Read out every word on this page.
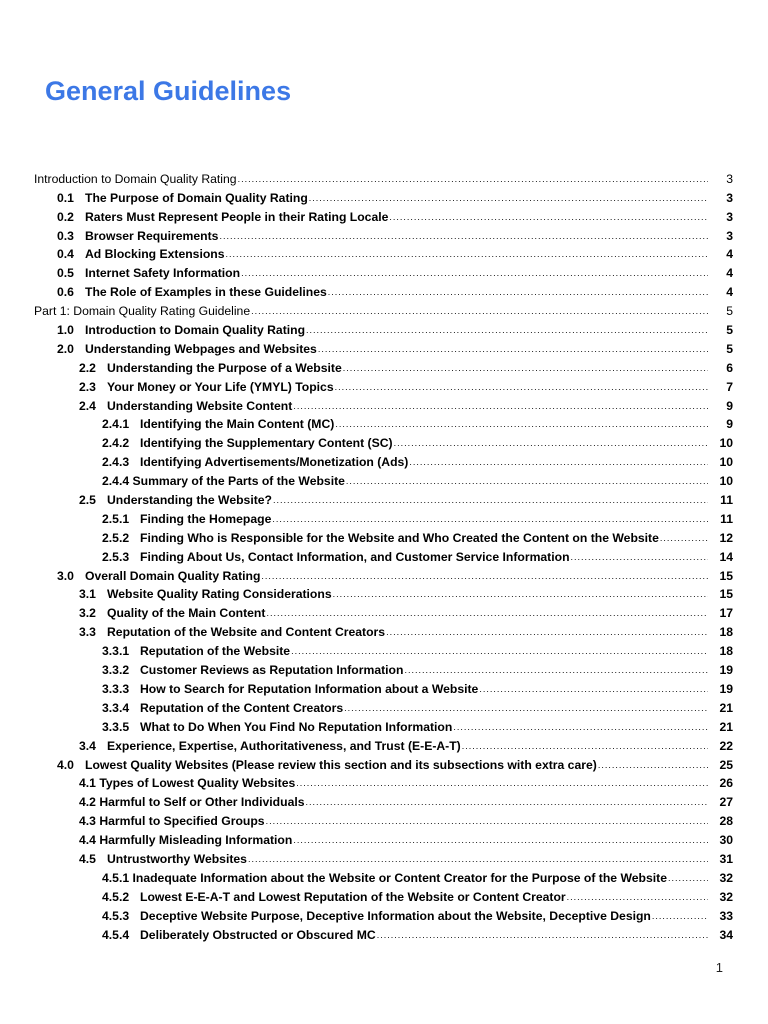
General Guidelines
Introduction to Domain Quality Rating .....	3
0.1 The Purpose of Domain Quality Rating .....	3
0.2 Raters Must Represent People in their Rating Locale .....	3
0.3 Browser Requirements .....	3
0.4 Ad Blocking Extensions .....	4
0.5 Internet Safety Information .....	4
0.6 The Role of Examples in these Guidelines .....	4
Part 1: Domain Quality Rating Guideline .....	5
1.0 Introduction to Domain Quality Rating .....	5
2.0 Understanding Webpages and Websites .....	5
2.2 Understanding the Purpose of a Website .....	6
2.3 Your Money or Your Life (YMYL) Topics .....	7
2.4 Understanding Website Content .....	9
2.4.1 Identifying the Main Content (MC) .....	9
2.4.2 Identifying the Supplementary Content (SC) .....	10
2.4.3 Identifying Advertisements/Monetization (Ads) .....	10
2.4.4 Summary of the Parts of the Website .....	10
2.5 Understanding the Website? .....	11
2.5.1 Finding the Homepage .....	11
2.5.2 Finding Who is Responsible for the Website and Who Created the Content on the Website .....	12
2.5.3 Finding About Us, Contact Information, and Customer Service Information .....	14
3.0 Overall Domain Quality Rating .....	15
3.1 Website Quality Rating Considerations .....	15
3.2 Quality of the Main Content .....	17
3.3 Reputation of the Website and Content Creators .....	18
3.3.1 Reputation of the Website .....	18
3.3.2 Customer Reviews as Reputation Information .....	19
3.3.3 How to Search for Reputation Information about a Website .....	19
3.3.4 Reputation of the Content Creators .....	21
3.3.5 What to Do When You Find No Reputation Information .....	21
3.4 Experience, Expertise, Authoritativeness, and Trust (E-E-A-T) .....	22
4.0 Lowest Quality Websites (Please review this section and its subsections with extra care) .....	25
4.1 Types of Lowest Quality Websites .....	26
4.2 Harmful to Self or Other Individuals .....	27
4.3 Harmful to Specified Groups .....	28
4.4 Harmfully Misleading Information .....	30
4.5 Untrustworthy Websites .....	31
4.5.1 Inadequate Information about the Website or Content Creator for the Purpose of the Website .....	32
4.5.2 Lowest E-E-A-T and Lowest Reputation of the Website or Content Creator .....	32
4.5.3 Deceptive Website Purpose, Deceptive Information about the Website, Deceptive Design .....	33
4.5.4 Deliberately Obstructed or Obscured MC .....	34
1
